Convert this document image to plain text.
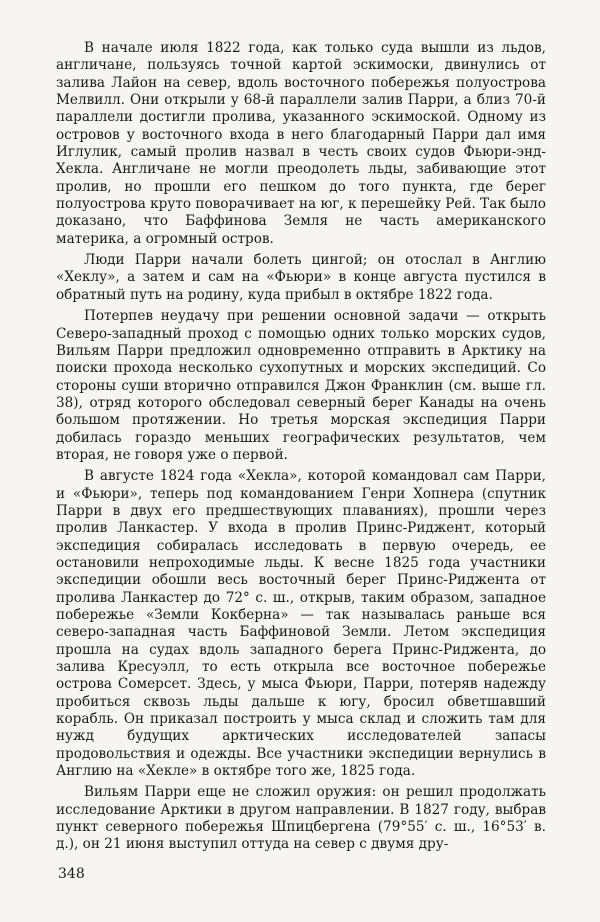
В начале июля 1822 года, как только суда вышли из льдов, англичане, пользуясь точной картой эскимоски, двинулись от залива Лайон на север, вдоль восточного побережья полуострова Мелвилл. Они открыли у 68-й параллели залив Парри, а близ 70-й параллели достигли пролива, указанного эскимоской. Одному из островов у восточного входа в него благодарный Парри дал имя Иглулик, самый пролив назвал в честь своих судов Фьюри-энд-Хекла. Англичане не могли преодолеть льды, забивающие этот пролив, но прошли его пешком до того пункта, где берег полуострова круто поворачивает на юг, к перешейку Рей. Так было доказано, что Баффинова Земля не часть американского материка, а огромный остров.

Люди Парри начали болеть цингой; он отослал в Англию «Хеклу», а затем и сам на «Фьюри» в конце августа пустился в обратный путь на родину, куда прибыл в октябре 1822 года.

Потерпев неудачу при решении основной задачи — открыть Северо-западный проход с помощью одних только морских судов, Вильям Парри предложил одновременно отправить в Арктику на поиски прохода несколько сухопутных и морских экспедиций. Со стороны суши вторично отправился Джон Франклин (см. выше гл. 38), отряд которого обследовал северный берег Канады на очень большом протяжении. Но третья морская экспедиция Парри добилась гораздо меньших географических результатов, чем вторая, не говоря уже о первой.

В августе 1824 года «Хекла», которой командовал сам Парри, и «Фьюри», теперь под командованием Генри Хопнера (спутник Парри в двух его предшествующих плаваниях), прошли через пролив Ланкастер. У входа в пролив Принс-Риджент, который экспедиция собиралась исследовать в первую очередь, ее остановили непроходимые льды. К весне 1825 года участники экспедиции обошли весь восточный берег Принс-Риджента от пролива Ланкастер до 72° с. ш., открыв, таким образом, западное побережье «Земли Кокберна» — так называлась раньше вся северо-западная часть Баффиновой Земли. Летом экспедиция прошла на судах вдоль западного берега Принс-Риджента, до залива Кресуэлл, то есть открыла все восточное побережье острова Сомерсет. Здесь, у мыса Фьюри, Парри, потеряв надежду пробиться сквозь льды дальше к югу, бросил обветшавший корабль. Он приказал построить у мыса склад и сложить там для нужд будущих арктических исследователей запасы продовольствия и одежды. Все участники экспедиции вернулись в Англию на «Хекле» в октябре того же, 1825 года.

Вильям Парри еще не сложил оружия: он решил продолжать исследование Арктики в другом направлении. В 1827 году, выбрав пункт северного побережья Шпицбергена (79°55′ с. ш., 16°53′ в. д.), он 21 июня выступил оттуда на север с двумя дру-

348
